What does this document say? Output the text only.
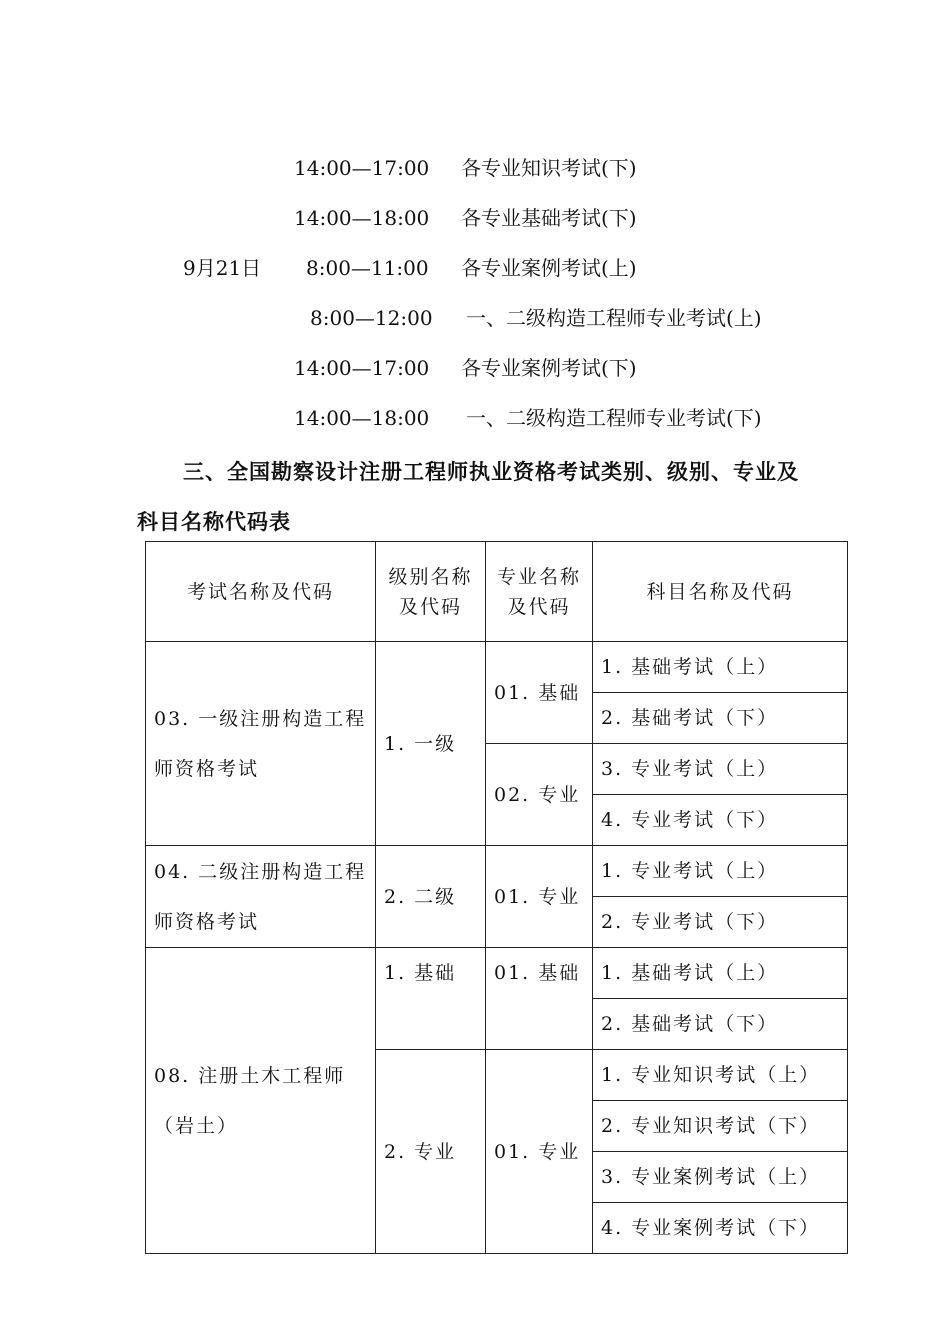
14:00—17:00 各专业知识考试(下)
14:00—18:00 各专业基础考试(下)
9月21日 8:00—11:00 各专业案例考试(上)
8:00—12:00 一、二级构造工程师专业考试(上)
14:00—17:00 各专业案例考试(下)
14:00—18:00 一、二级构造工程师专业考试(下)
三、全国勘察设计注册工程师执业资格考试类别、级别、专业及
科目名称代码表
考试名称及代码	级别名称及代码	专业名称及代码	科目名称及代码
03. 一级注册构造工程师资格考试	1. 一级	01. 基础	1. 基础考试（上）
			2. 基础考试（下）
		02. 专业	3. 专业考试（上）
			4. 专业考试（下）
04. 二级注册构造工程师资格考试	2. 二级	01. 专业	1. 专业考试（上）
			2. 专业考试（下）
08. 注册土木工程师（岩土）	1. 基础	01. 基础	1. 基础考试（上）
			2. 基础考试（下）
	2. 专业	01. 专业	1. 专业知识考试（上）
			2. 专业知识考试（下）
			3. 专业案例考试（上）
			4. 专业案例考试（下）
